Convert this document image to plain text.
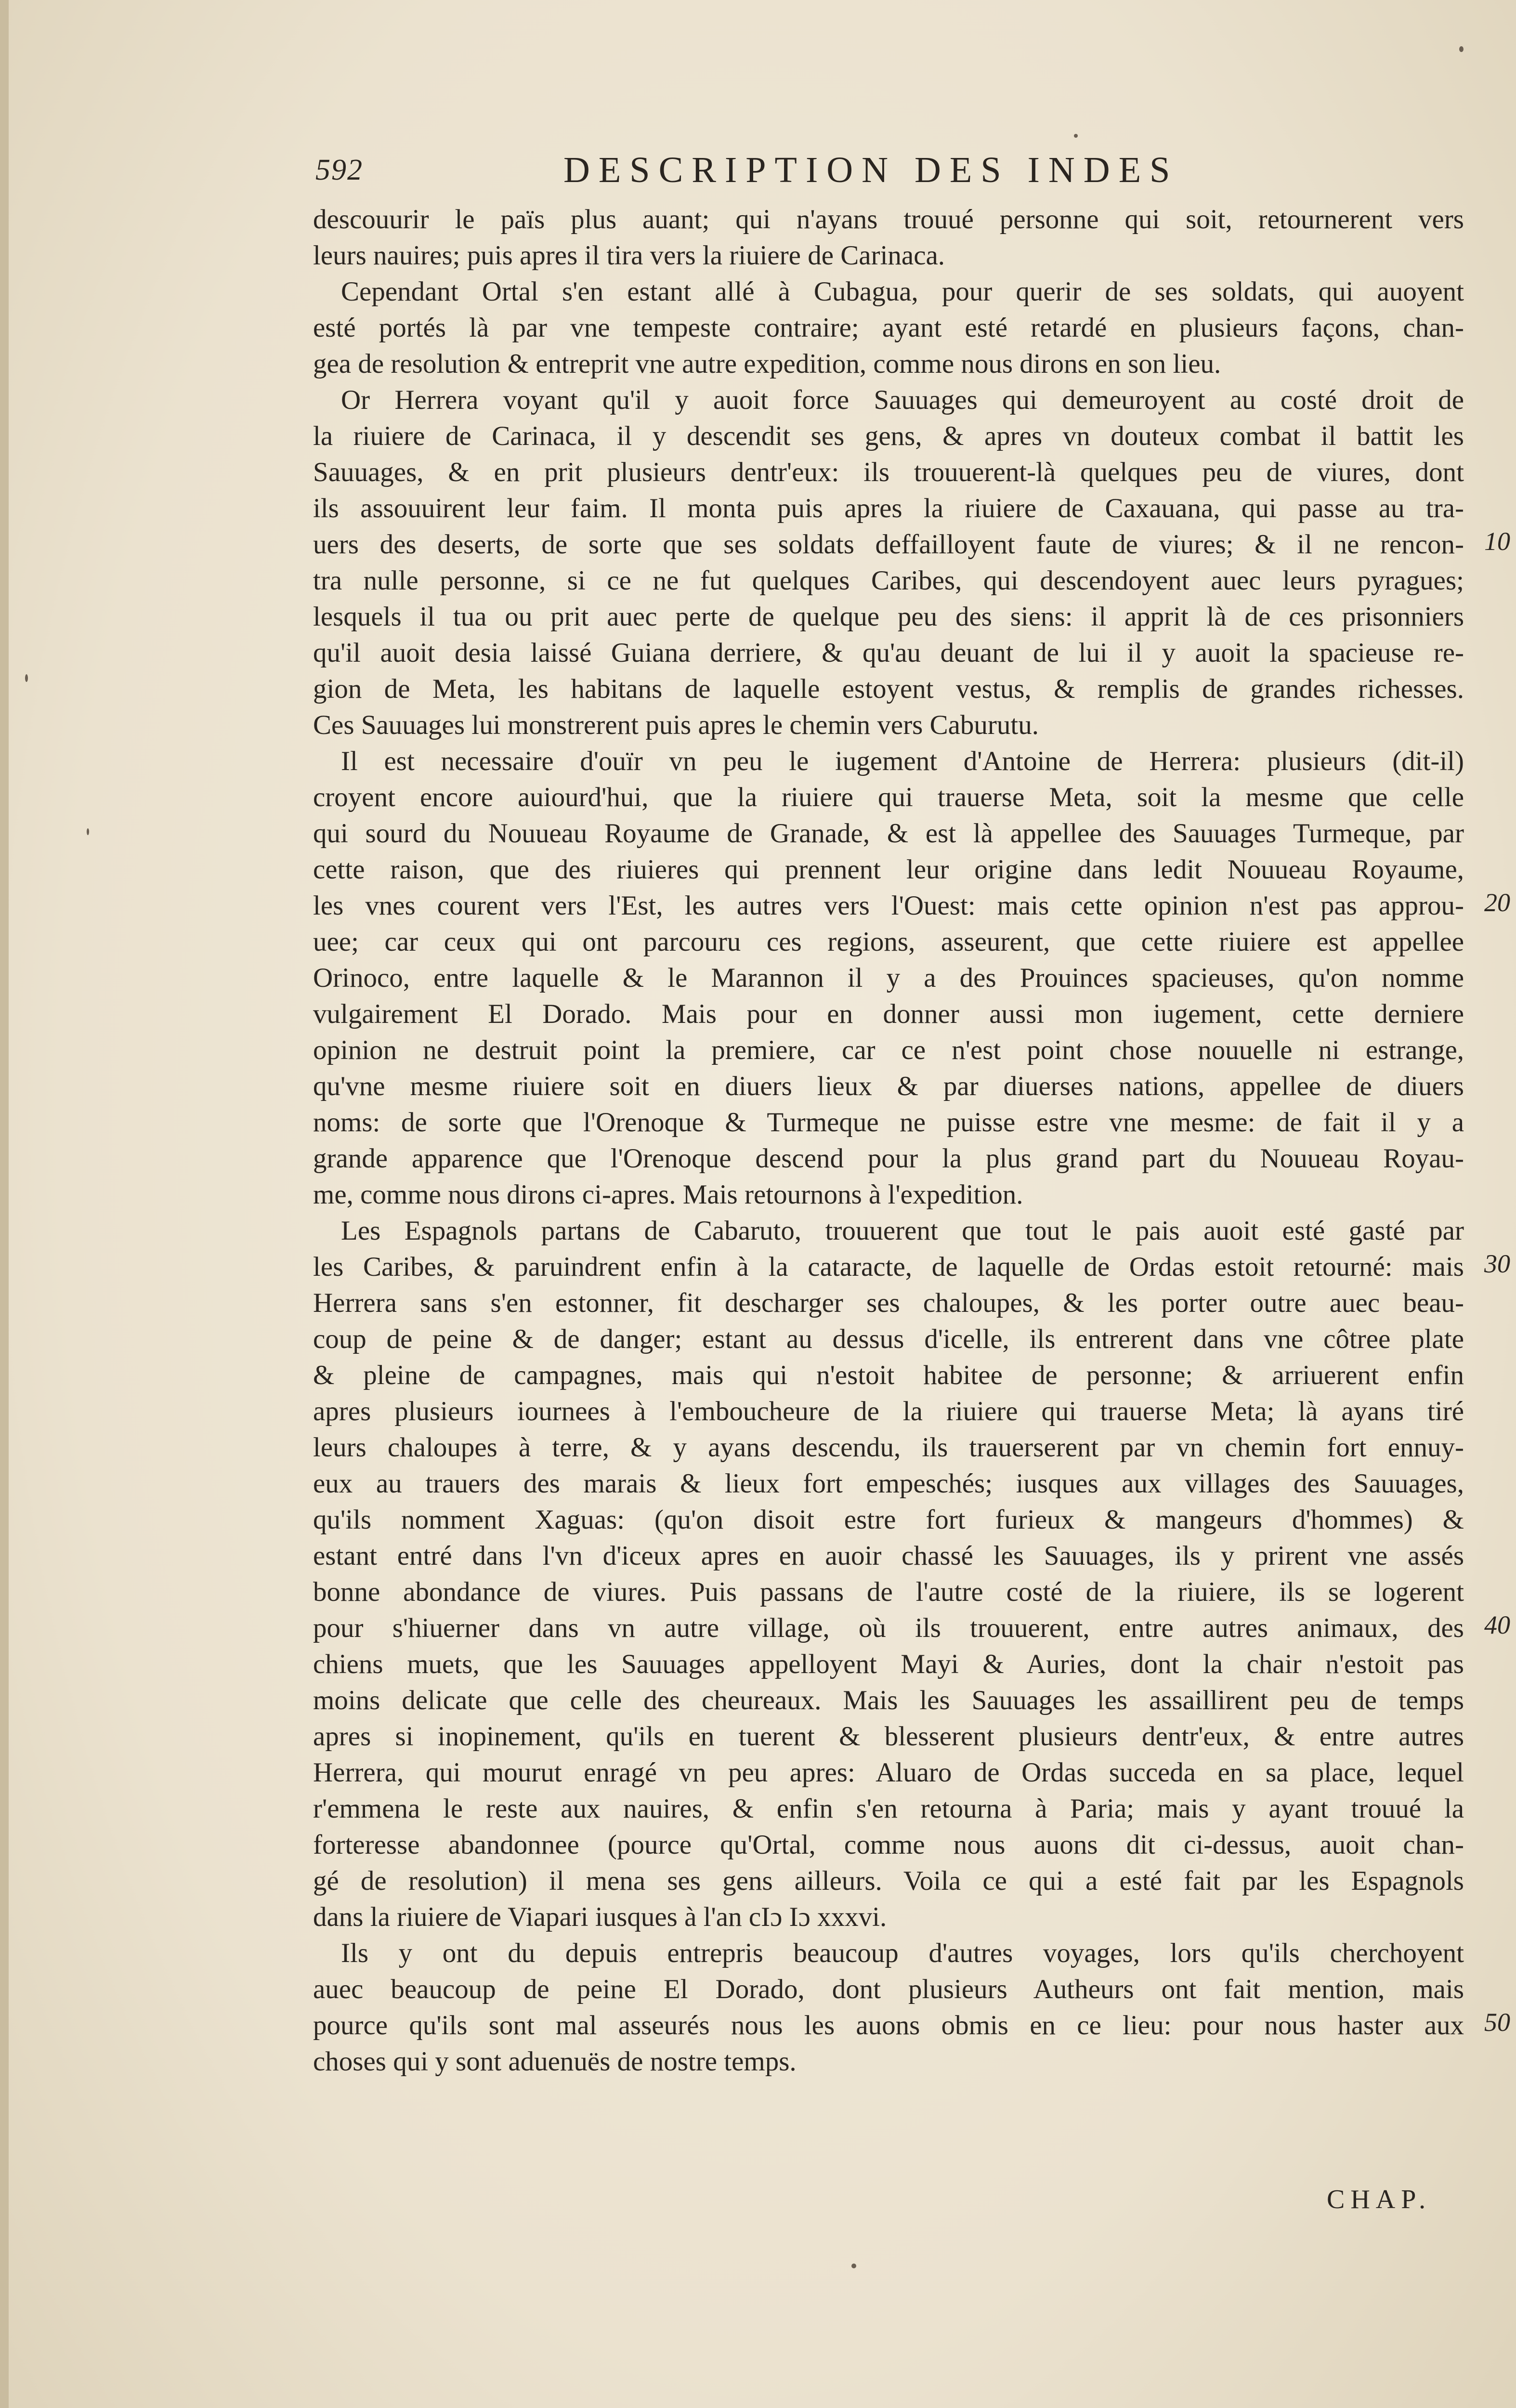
592	DESCRIPTION DES INDES
descouurir le païs plus auant; qui n'ayans trouué personne qui soit, retournerent vers
leurs nauires; puis apres il tira vers la riuiere de Carinaca.
Cependant Ortal s'en estant allé à Cubagua, pour querir de ses soldats, qui auoyent
esté portés là par vne tempeste contraire; ayant esté retardé en plusieurs façons, chan-
gea de resolution & entreprit vne autre expedition, comme nous dirons en son lieu.
Or Herrera voyant qu'il y auoit force Sauuages qui demeuroyent au costé droit de
la riuiere de Carinaca, il y descendit ses gens, & apres vn douteux combat il battit les
Sauuages, & en prit plusieurs dentr'eux: ils trouuerent-là quelques peu de viures, dont
ils assouuirent leur faim. Il monta puis apres la riuiere de Caxauana, qui passe au tra-
uers des deserts, de sorte que ses soldats deffailloyent faute de viures; & il ne rencon-
tra nulle personne, si ce ne fut quelques Caribes, qui descendoyent auec leurs pyragues;
lesquels il tua ou prit auec perte de quelque peu des siens: il apprit là de ces prisonniers
qu'il auoit desia laissé Guiana derriere, & qu'au deuant de lui il y auoit la spacieuse re-
gion de Meta, les habitans de laquelle estoyent vestus, & remplis de grandes richesses.
Ces Sauuages lui monstrerent puis apres le chemin vers Caburutu.
Il est necessaire d'ouïr vn peu le iugement d'Antoine de Herrera: plusieurs (dit-il)
croyent encore auiourd'hui, que la riuiere qui trauerse Meta, soit la mesme que celle
qui sourd du Nouueau Royaume de Granade, & est là appellee des Sauuages Turmeque, par
cette raison, que des riuieres qui prennent leur origine dans ledit Nouueau Royaume,
les vnes courent vers l'Est, les autres vers l'Ouest: mais cette opinion n'est pas approu-
uee; car ceux qui ont parcouru ces regions, asseurent, que cette riuiere est appellee
Orinoco, entre laquelle & le Marannon il y a des Prouinces spacieuses, qu'on nomme
vulgairement El Dorado. Mais pour en donner aussi mon iugement, cette derniere
opinion ne destruit point la premiere, car ce n'est point chose nouuelle ni estrange,
qu'vne mesme riuiere soit en diuers lieux & par diuerses nations, appellee de diuers
noms: de sorte que l'Orenoque & Turmeque ne puisse estre vne mesme: de fait il y a
grande apparence que l'Orenoque descend pour la plus grand part du Nouueau Royau-
me, comme nous dirons ci-apres. Mais retournons à l'expedition.
Les Espagnols partans de Cabaruto, trouuerent que tout le pais auoit esté gasté par
les Caribes, & paruindrent enfin à la cataracte, de laquelle de Ordas estoit retourné: mais
Herrera sans s'en estonner, fit descharger ses chaloupes, & les porter outre auec beau-
coup de peine & de danger; estant au dessus d'icelle, ils entrerent dans vne côtree plate
& pleine de campagnes, mais qui n'estoit habitee de personne; & arriuerent enfin
apres plusieurs iournees à l'emboucheure de la riuiere qui trauerse Meta; là ayans tiré
leurs chaloupes à terre, & y ayans descendu, ils trauerserent par vn chemin fort ennuy-
eux au trauers des marais & lieux fort empeschés; iusques aux villages des Sauuages,
qu'ils nomment Xaguas: (qu'on disoit estre fort furieux & mangeurs d'hommes) &
estant entré dans l'vn d'iceux apres en auoir chassé les Sauuages, ils y prirent vne assés
bonne abondance de viures. Puis passans de l'autre costé de la riuiere, ils se logerent
pour s'hiuerner dans vn autre village, où ils trouuerent, entre autres animaux, des
chiens muets, que les Sauuages appelloyent Mayi & Auries, dont la chair n'estoit pas
moins delicate que celle des cheureaux. Mais les Sauuages les assaillirent peu de temps
apres si inopinement, qu'ils en tuerent & blesserent plusieurs dentr'eux, & entre autres
Herrera, qui mourut enragé vn peu apres: Aluaro de Ordas succeda en sa place, lequel
r'emmena le reste aux nauires, & enfin s'en retourna à Paria; mais y ayant trouué la
forteresse abandonnee (pource qu'Ortal, comme nous auons dit ci-dessus, auoit chan-
gé de resolution) il mena ses gens ailleurs. Voila ce qui a esté fait par les Espagnols
dans la riuiere de Viapari iusques à l'an cIɔ Iɔ xxxvi.
Ils y ont du depuis entrepris beaucoup d'autres voyages, lors qu'ils cherchoyent
auec beaucoup de peine El Dorado, dont plusieurs Autheurs ont fait mention, mais
pource qu'ils sont mal asseurés nous les auons obmis en ce lieu: pour nous haster aux
choses qui y sont aduenuës de nostre temps.
10
20
30
40
50
CHAP.
